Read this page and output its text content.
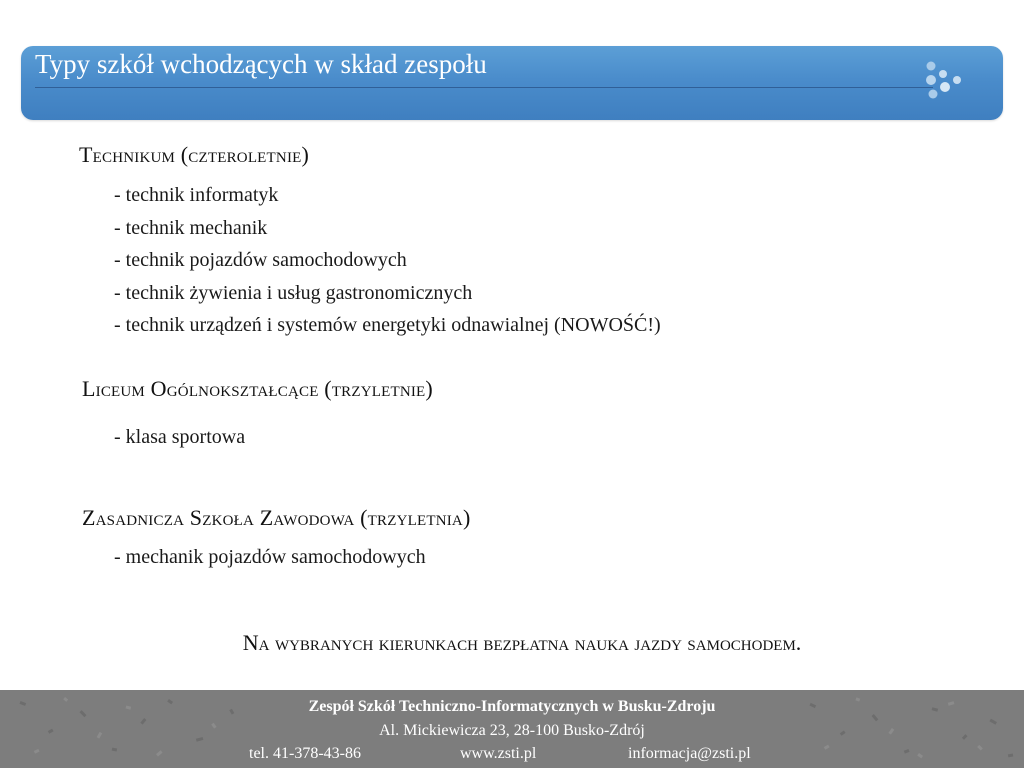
Typy szkół wchodzących w skład zespołu
Technikum (czteroletnie)
- technik informatyk
- technik mechanik
- technik pojazdów samochodowych
- technik żywienia i usług gastronomicznych
- technik urządzeń i systemów energetyki odnawialnej (NOWOŚĆ!)
Liceum Ogólnokształcące (trzyletnie)
- klasa sportowa
Zasadnicza Szkoła Zawodowa (trzyletnia)
- mechanik pojazdów samochodowych
Na wybranych kierunkach bezpłatna nauka jazdy samochodem.
Zespół Szkół Techniczno-Informatycznych w Busku-Zdroju
Al. Mickiewicza 23, 28-100 Busko-Zdrój
tel. 41-378-43-86	www.zsti.pl	informacja@zsti.pl
